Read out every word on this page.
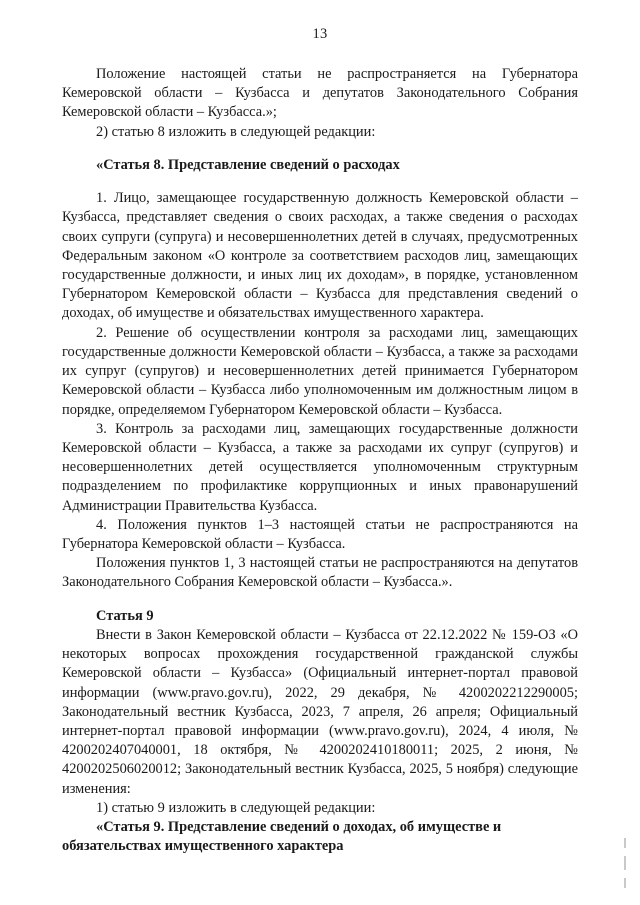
13

Положение настоящей статьи не распространяется на Губернатора Кемеровской области – Кузбасса и депутатов Законодательного Собрания Кемеровской области – Кузбасса.»;

2) статью 8 изложить в следующей редакции:

«Статья 8. Представление сведений о расходах

1. Лицо, замещающее государственную должность Кемеровской области – Кузбасса, представляет сведения о своих расходах, а также сведения о расходах своих супруги (супруга) и несовершеннолетних детей в случаях, предусмотренных Федеральным законом «О контроле за соответствием расходов лиц, замещающих государственные должности, и иных лиц их доходам», в порядке, установленном Губернатором Кемеровской области – Кузбасса для представления сведений о доходах, об имуществе и обязательствах имущественного характера.

2. Решение об осуществлении контроля за расходами лиц, замещающих государственные должности Кемеровской области – Кузбасса, а также за расходами их супруг (супругов) и несовершеннолетних детей принимается Губернатором Кемеровской области – Кузбасса либо уполномоченным им должностным лицом в порядке, определяемом Губернатором Кемеровской области – Кузбасса.

3. Контроль за расходами лиц, замещающих государственные должности Кемеровской области – Кузбасса, а также за расходами их супруг (супругов) и несовершеннолетних детей осуществляется уполномоченным структурным подразделением по профилактике коррупционных и иных правонарушений Администрации Правительства Кузбасса.

4. Положения пунктов 1–3 настоящей статьи не распространяются на Губернатора Кемеровской области – Кузбасса.

Положения пунктов 1, 3 настоящей статьи не распространяются на депутатов Законодательного Собрания Кемеровской области – Кузбасса.».

Статья 9

Внести в Закон Кемеровской области – Кузбасса от 22.12.2022 № 159-ОЗ «О некоторых вопросах прохождения государственной гражданской службы Кемеровской области – Кузбасса» (Официальный интернет-портал правовой информации (www.pravo.gov.ru), 2022, 29 декабря, № 4200202212290005; Законодательный вестник Кузбасса, 2023, 7 апреля, 26 апреля; Официальный интернет-портал правовой информации (www.pravo.gov.ru), 2024, 4 июля, № 4200202407040001, 18 октября, № 4200202410180011; 2025, 2 июня, № 4200202506020012; Законодательный вестник Кузбасса, 2025, 5 ноября) следующие изменения:

1) статью 9 изложить в следующей редакции:

«Статья 9. Представление сведений о доходах, об имуществе и обязательствах имущественного характера
